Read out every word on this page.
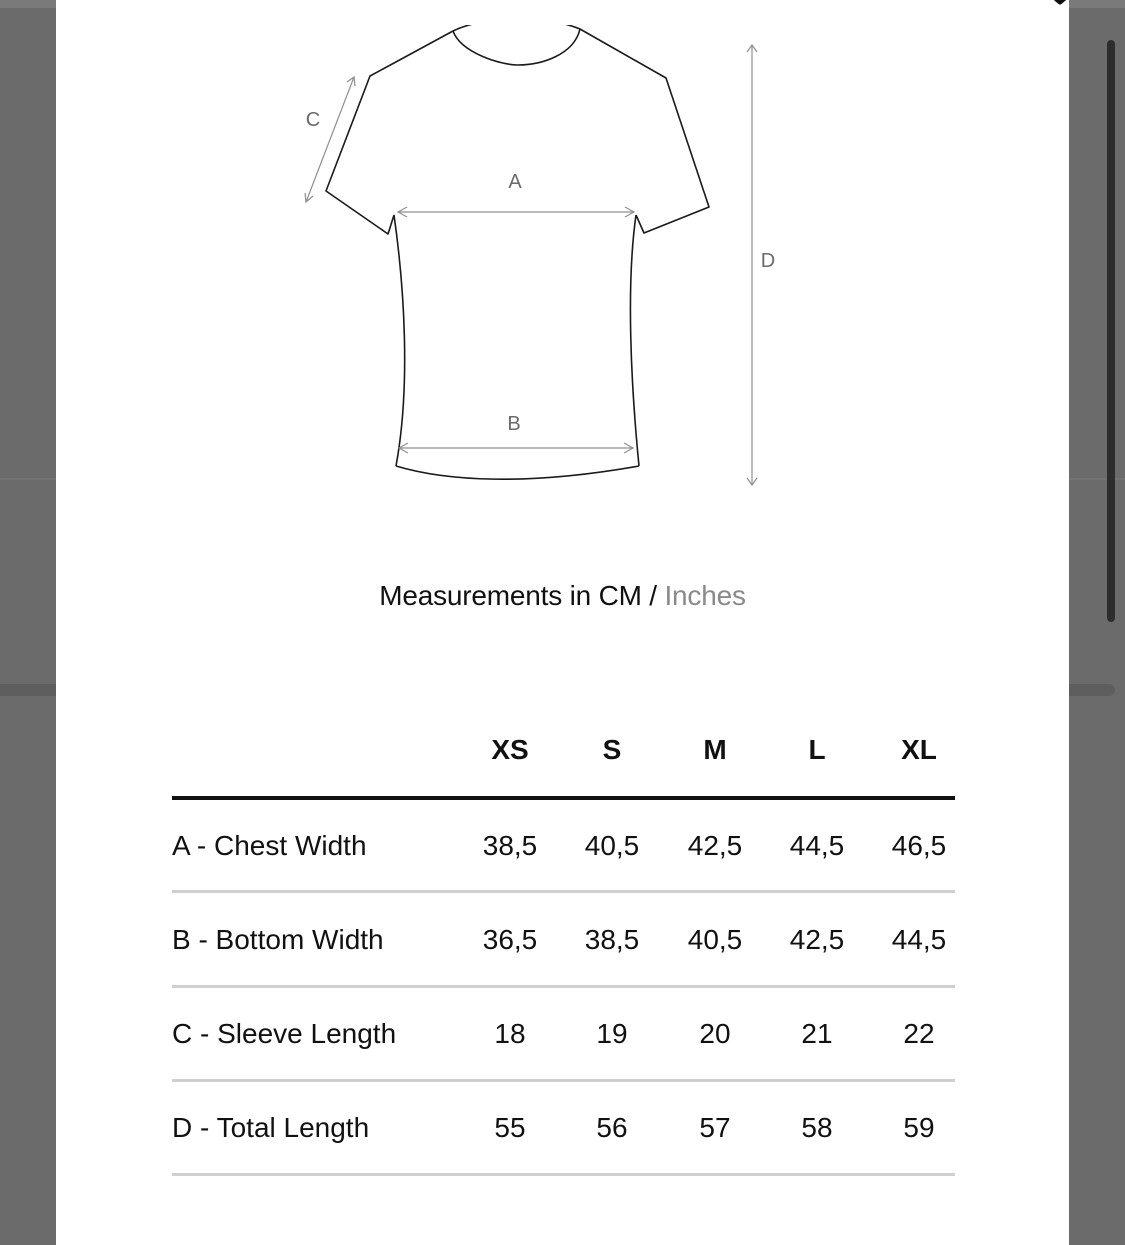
A
B
C
D
Measurements in CM / Inches
XS	S	M	L	XL
A - Chest Width	38,5 40,5 42,5 44,5 46,5
B - Bottom Width	36,5 38,5 40,5 42,5 44,5
C - Sleeve Length	18	19	20	21	22
D - Total Length	55	56	57	58	59
